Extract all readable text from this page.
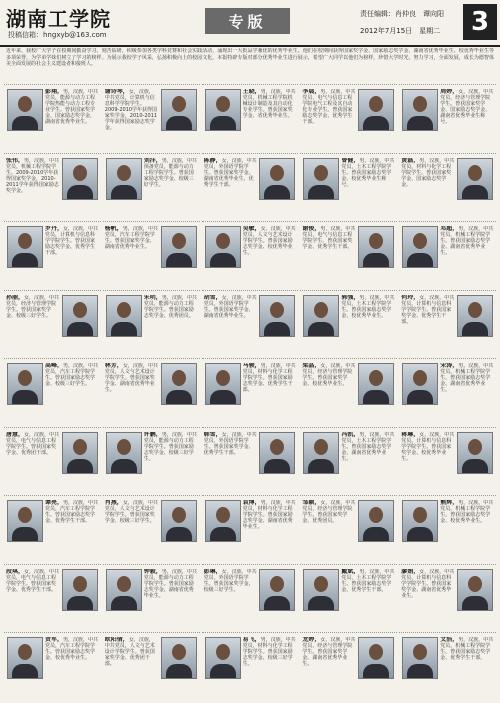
湖南工学院
投稿信箱：hngxyb@163.com
专版	责任编辑：肖仲良　谭向阳
2012年7月15日　 星期二	3
近年来，我校广大学子在校期间勤奋学习、刻苦钻研，积极参加各类学科竞赛和社会实践活动，涌现出一大批品学兼优的优秀毕业生。他们在校期间获得国家奖学金、国家励志奖学金、湖南省优秀毕业生、校优秀毕业生等多项荣誉，为学弟学妹们树立了学习的榜样。为展示我校学子风采，弘扬积极向上的校园文化，本报特辟专版对部分优秀毕业生进行展示，希望广大同学以他们为榜样，珍惜大学时光，努力学习，全面发展，成长为德智体美全面发展的社会主义建设者和接班人。
彭翔，男，汉族，中共党员，能源与动力工程学院热能与动力工程专业学生。曾获国家奖学金、国家励志奖学金，湖南省优秀毕业生。
谢诗琴，女，汉族，中共党员，计算机与信息科学学院学生。2009-2010学年获得国家奖学金，2010-2011学年获得国家励志奖学金。
王晓，男，汉族，中共党员，机械工程学院机械设计制造及其自动化专业学生。曾获国家奖学金、省优秀毕业生。
李晨，男，汉族，中共党员，电气与信息工程学院电气工程及其自动化专业学生。曾获国家励志奖学金、优秀学生干部。
周婷，女，汉族，中共党员，经济与管理学院学生。曾获国家奖学金、国家励志奖学金，湖南省优秀毕业生称号。
张伟，男，汉族，中共党员，机械工程学院学生。2009-2010学年获得国家奖学金，2010-2011学年获得国家励志奖学金。
刘洋，男，汉族，中共预备党员，能源与动力工程学院学生。曾获国家励志奖学金、校级三好学生。
陈静，女，汉族，中共党员，外国语学院学生。曾获国家奖学金、湖南省优秀毕业生、优秀学生干部。
曾健，男，汉族，中共党员，土木工程学院学生。曾获国家励志奖学金、校优秀毕业生称号。
黄磊，男，汉族，中共党员，材料与化学工程学院学生。曾获国家奖学金、国家励志奖学金。
罗丹，女，汉族，中共党员，计算机与信息科学学院学生。曾获国家励志奖学金、优秀学生干部。
杨帆，男，汉族，中共党员，汽车工程学院学生。曾获国家奖学金、湖南省优秀毕业生。
吴敏，女，汉族，中共党员，人文与艺术设计学院学生。曾获国家励志奖学金、校优秀毕业生。
谢俊，男，汉族，中共党员，电气与信息工程学院学生。曾获国家奖学金、优秀学生干部。
邓超，男，汉族，中共党员，机械工程学院学生。曾获国家励志奖学金、湖南省优秀毕业生。
孙丽，女，汉族，中共党员，经济与管理学院学生。曾获国家奖学金、校级三好学生。
朱明，男，汉族，中共党员，能源与动力工程学院学生。曾获国家励志奖学金、优秀团员。
胡雪，女，汉族，中共党员，外国语学院学生。曾获国家奖学金、湖南省优秀毕业生。
郭强，男，汉族，中共党员，土木工程学院学生。曾获国家励志奖学金、校优秀毕业生。
何玲，女，汉族，中共党员，计算机与信息科学学院学生。曾获国家奖学金、优秀学生干部。
高峰，男，汉族，中共党员，汽车工程学院学生。曾获国家励志奖学金、校级三好学生。
林芳，女，汉族，中共党员，人文与艺术设计学院学生。曾获国家奖学金、湖南省优秀毕业生。
马骏，男，汉族，中共党员，材料与化学工程学院学生。曾获国家励志奖学金、优秀学生干部。
梁晶，女，汉族，中共党员，经济与管理学院学生。曾获国家奖学金、校优秀毕业生。
宋涛，男，汉族，中共党员，机械工程学院学生。曾获国家励志奖学金、湖南省优秀毕业生。
唐慧，女，汉族，中共党员，电气与信息工程学院学生。曾获国家奖学金、优秀团干部。
许鹏，男，汉族，中共党员，能源与动力工程学院学生。曾获国家励志奖学金、校级三好学生。
韩雪，女，汉族，中共党员，外国语学院学生。曾获国家奖学金、优秀学生干部。
冯凯，男，汉族，中共党员，土木工程学院学生。曾获国家励志奖学金、湖南省优秀毕业生。
蒋琳，女，汉族，中共党员，计算机与信息科学学院学生。曾获国家奖学金、校优秀毕业生。
谭亮，男，汉族，中共党员，汽车工程学院学生。曾获国家励志奖学金、优秀学生干部。
肖燕，女，汉族，中共党员，人文与艺术设计学院学生。曾获国家奖学金、校级三好学生。
袁博，男，汉族，中共党员，材料与化学工程学院学生。曾获国家励志奖学金、湖南省优秀毕业生。
邹颖，女，汉族，中共党员，经济与管理学院学生。曾获国家奖学金、优秀团员。
熊辉，男，汉族，中共党员，机械工程学院学生。曾获国家励志奖学金、校优秀毕业生。
段琪，女，汉族，中共党员，电气与信息工程学院学生。曾获国家奖学金、优秀学生干部。
钟毅，男，汉族，中共党员，能源与动力工程学院学生。曾获国家励志奖学金、湖南省优秀毕业生。
彭琳，女，汉族，中共党员，外国语学院学生。曾获国家奖学金、校级三好学生。
戴斌，男，汉族，中共党员，土木工程学院学生。曾获国家励志奖学金、优秀学生干部。
廖娟，女，汉族，中共党员，计算机与信息科学学院学生。曾获国家奖学金、湖南省优秀毕业生。
贺军，男，汉族，中共党员，汽车工程学院学生。曾获国家励志奖学金、校优秀毕业生。
欧阳倩，女，汉族，中共党员，人文与艺术设计学院学生。曾获国家奖学金、优秀团干部。
易飞，男，汉族，中共党员，材料与化学工程学院学生。曾获国家励志奖学金、校级三好学生。
龙婷，女，汉族，中共党员，经济与管理学院学生。曾获国家奖学金、湖南省优秀毕业生。
文浩，男，汉族，中共党员，机械工程学院学生。曾获国家励志奖学金、优秀学生干部。
